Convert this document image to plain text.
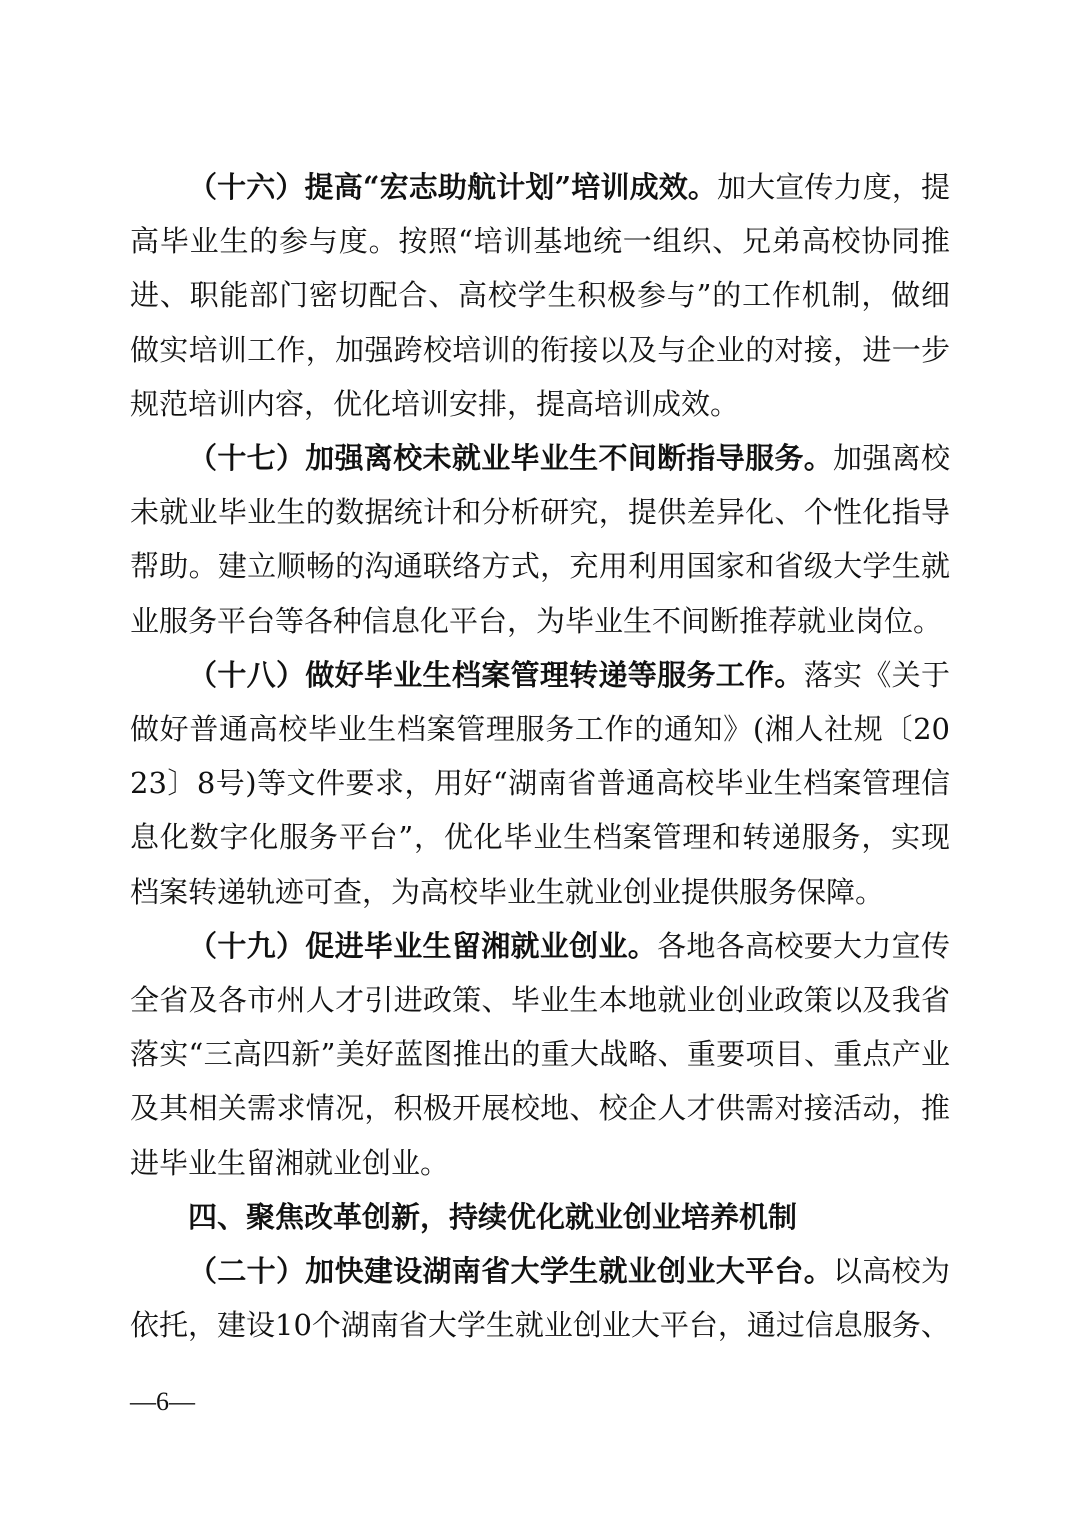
（十六）提高“宏志助航计划”培训成效。加大宣传力度，提高毕业生的参与度。按照“培训基地统一组织、兄弟高校协同推进、职能部门密切配合、高校学生积极参与”的工作机制，做细做实培训工作，加强跨校培训的衔接以及与企业的对接，进一步规范培训内容，优化培训安排，提高培训成效。

（十七）加强离校未就业毕业生不间断指导服务。加强离校未就业毕业生的数据统计和分析研究，提供差异化、个性化指导帮助。建立顺畅的沟通联络方式，充用利用国家和省级大学生就业服务平台等各种信息化平台，为毕业生不间断推荐就业岗位。

（十八）做好毕业生档案管理转递等服务工作。落实《关于做好普通高校毕业生档案管理服务工作的通知》(湘人社规〔2023〕8号)等文件要求，用好“湖南省普通高校毕业生档案管理信息化数字化服务平台”，优化毕业生档案管理和转递服务，实现档案转递轨迹可查，为高校毕业生就业创业提供服务保障。

（十九）促进毕业生留湘就业创业。各地各高校要大力宣传全省及各市州人才引进政策、毕业生本地就业创业政策以及我省落实“三高四新”美好蓝图推出的重大战略、重要项目、重点产业及其相关需求情况，积极开展校地、校企人才供需对接活动，推进毕业生留湘就业创业。

四、聚焦改革创新，持续优化就业创业培养机制

（二十）加快建设湖南省大学生就业创业大平台。以高校为依托，建设10个湖南省大学生就业创业大平台，通过信息服务、

—6—
